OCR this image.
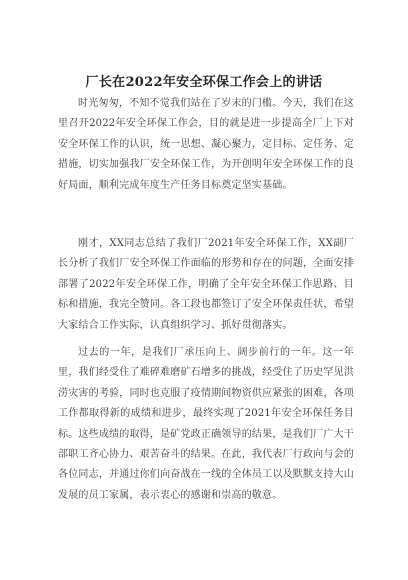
厂长在2022年安全环保工作会上的讲话

时光匆匆，不知不觉我们站在了岁末的门槛。今天，我们在这里召开2022年安全环保工作会，目的就是进一步提高全厂上下对安全环保工作的认识，统一思想、凝心聚力，定目标、定任务、定措施，切实加强我厂安全环保工作，为开创明年安全环保工作的良好局面，顺利完成年度生产任务目标奠定坚实基础。

刚才，XX同志总结了我们厂2021年安全环保工作，XX副厂长分析了我们厂安全环保工作面临的形势和存在的问题，全面安排部署了2022年安全环保工作，明确了全年安全环保工作思路、目标和措施，我完全赞同。各工段也都签订了安全环保责任状，希望大家结合工作实际，认真组织学习、抓好贯彻落实。

过去的一年，是我们厂承压向上、阔步前行的一年。这一年里，我们经受住了难碎难磨矿石增多的挑战，经受住了历史罕见洪涝灾害的考验，同时也克服了疫情期间物资供应紧张的困难，各项工作都取得新的成绩和进步，最终实现了2021年安全环保任务目标。这些成绩的取得，是矿党政正确领导的结果，是我们厂广大干部职工齐心协力、艰苦奋斗的结果。在此，我代表厂行政向与会的各位同志，并通过你们向奋战在一线的全体员工以及默默支持大山发展的员工家属，表示衷心的感谢和崇高的敬意。
